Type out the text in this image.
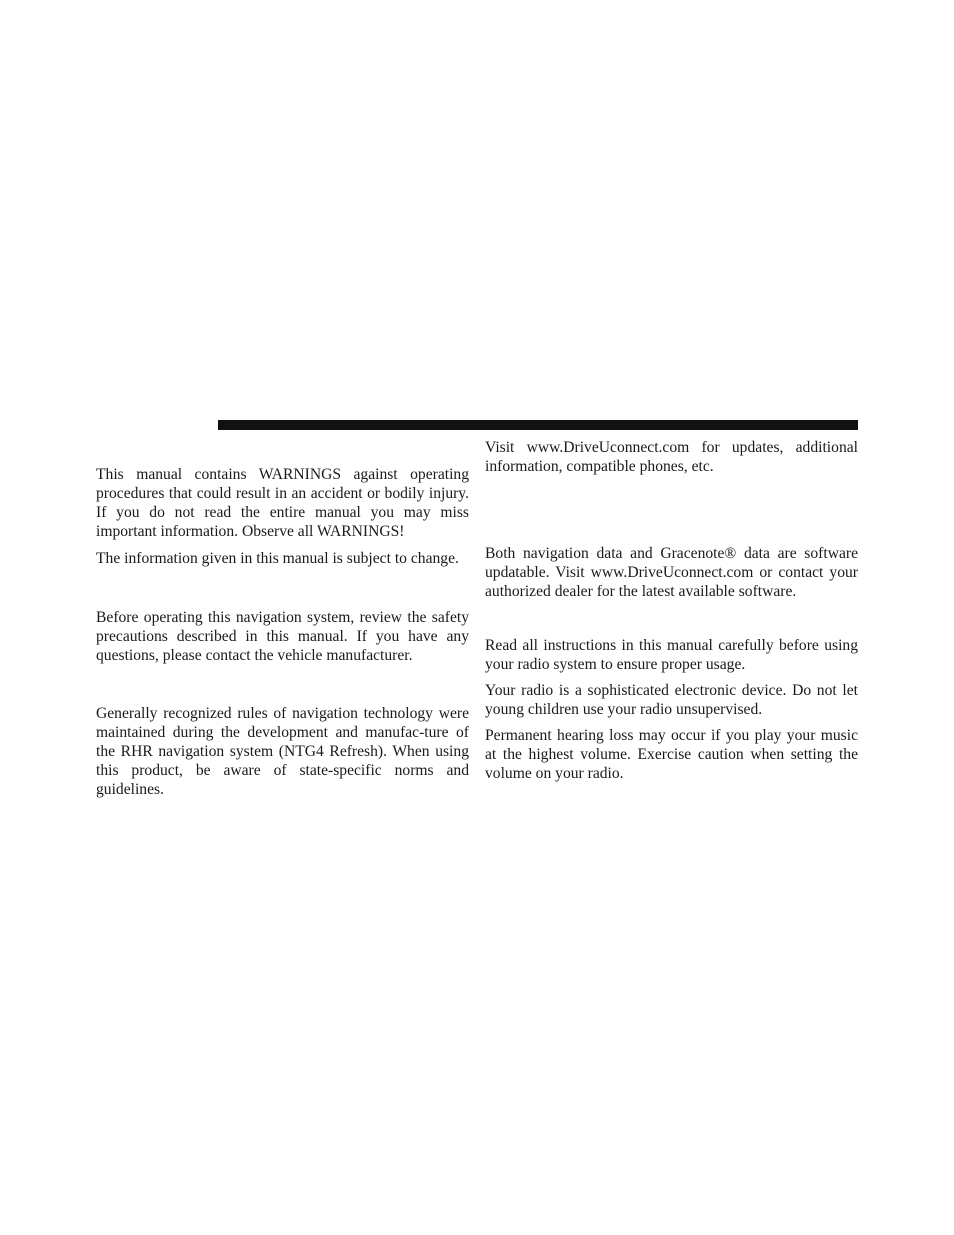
This manual contains WARNINGS against operating procedures that could result in an accident or bodily injury. If you do not read the entire manual you may miss important information. Observe all WARNINGS!

The information given in this manual is subject to change.

Before operating this navigation system, review the safety precautions described in this manual. If you have any questions, please contact the vehicle manufacturer.

Generally recognized rules of navigation technology were maintained during the development and manufac-ture of the RHR navigation system (NTG4 Refresh). When using this product, be aware of state-specific norms and guidelines.

Visit www.DriveUconnect.com for updates, additional information, compatible phones, etc.

Both navigation data and Gracenote® data are software updatable. Visit www.DriveUconnect.com or contact your authorized dealer for the latest available software.

Read all instructions in this manual carefully before using your radio system to ensure proper usage.

Your radio is a sophisticated electronic device. Do not let young children use your radio unsupervised.

Permanent hearing loss may occur if you play your music at the highest volume. Exercise caution when setting the volume on your radio.
